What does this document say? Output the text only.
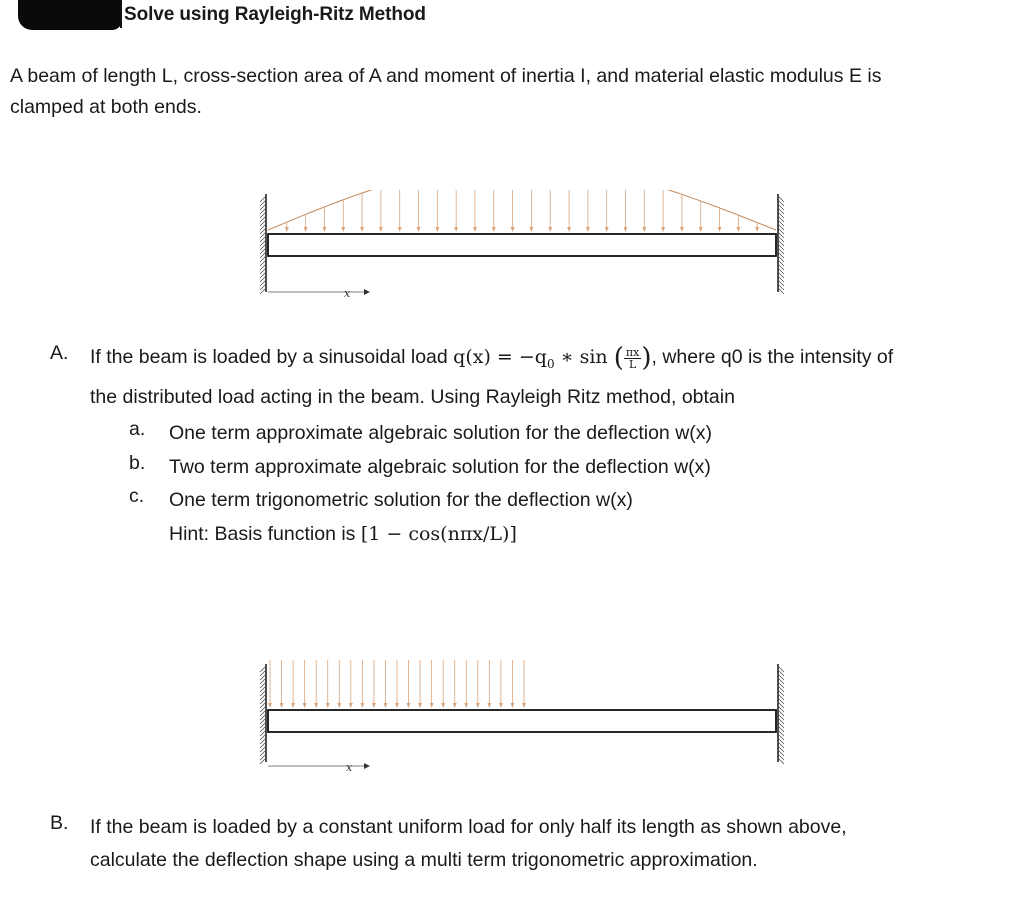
Solve using Rayleigh-Ritz Method
A beam of length L, cross-section area of A and moment of inertia I, and material elastic modulus E is
clamped at both ends.
x
A. If the beam is loaded by a sinusoidal load $q(x) = -q_0$ ∗ sin ( $\frac{\pi x}{L}$ ), where q0 is the intensity of
the distributed load acting in the beam. Using Rayleigh Ritz method, obtain
a. One term approximate algebraic solution for the deflection w(x)
b. Two term approximate algebraic solution for the deflection w(x)
c. One term trigonometric solution for the deflection w(x)
Hint: Basis function is [1 − cos(nπx/L)]
x
B. If the beam is loaded by a constant uniform load for only half its length as shown above,
calculate the deflection shape using a multi term trigonometric approximation.
